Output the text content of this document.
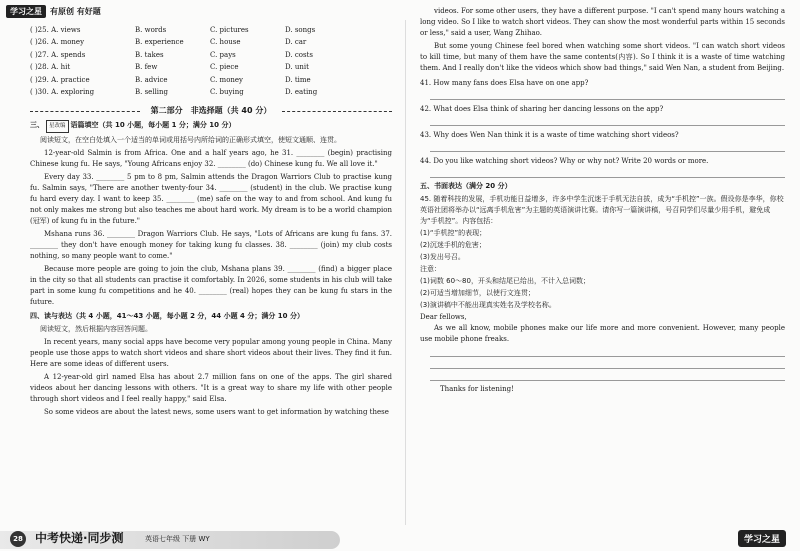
学习之星	有原创 有好题
( )25. A. views	B. words	C. pictures	D. songs
( )26. A. money	B. experience	C. house	D. car
( )27. A. spends	B. takes	C. pays	D. costs
( )28. A. hit	B. few	C. piece	D. unit
( )29. A. practice	B. advice	C. money	D. time
( )30. A. exploring	B. selling	C. buying	D. eating
第二部分　非选择题（共 40 分）
三、 星改编 语篇填空（共 10 小题，每小题 1 分；满分 10 分）
阅读短文，在空白处填入一个适当的单词或用括号内所给词的正确形式填空，使短文通顺、连贯。
12-year-old Salmin is from Africa. One and a half years ago, he 31. ________ (begin) practising Chinese kung fu. He says, "Young Africans enjoy 32. ________ (do) Chinese kung fu. We all love it."
Every day 33. ________ 5 pm to 8 pm, Salmin attends the Dragon Warriors Club to practise kung fu. Salmin says, "There are another twenty-four 34. ________ (student) in the club. We practise kung fu hard every day. I want to keep 35. ________ (me) safe on the way to and from school. And kung fu not only makes me strong but also teaches me about hard work. My dream is to be a world champion (冠军) of kung fu in the future."
Mshana runs 36. ________ Dragon Warriors Club. He says, "Lots of Africans are kung fu fans. 37. ________ they don't have enough money for taking kung fu classes. 38. ________ (join) my club costs nothing, so many people want to come."
Because more people are going to join the club, Mshana plans 39. ________ (find) a bigger place in the city so that all students can practise it comfortably. In 2026, some students in his club will take part in some kung fu competitions and he 40. ________ (real) hopes they can be kung fu stars in the future.
四、读与表达（共 4 小题，41～43 小题，每小题 2 分，44 小题 4 分；满分 10 分）
阅读短文，然后根据内容回答问题。
In recent years, many social apps have become very popular among young people in China. Many people use those apps to watch short videos and share short videos about their lives. They find it fun. Here are some ideas of different users.
A 12-year-old girl named Elsa has about 2.7 million fans on one of the apps. The girl shared videos about her dancing lessons with others. "It is a great way to share my life with other people through short videos and I feel really happy," said Elsa.
So some videos are about the latest news, some users want to get information by watching these
videos. For some other users, they have a different purpose. "I can't spend many hours watching a long video. So I like to watch short videos. They can show the most wonderful parts within 15 seconds or less," said a user, Wang Zhihao.
But some young Chinese feel bored when watching some short videos. "I can watch short videos to kill time, but many of them have the same contents(内容). So I think it is a waste of time watching them. And I really don't like the videos which show bad things," said Wen Nan, a student from Beijing.
41. How many fans does Elsa have on one app?
42. What does Elsa think of sharing her dancing lessons on the app?
43. Why does Wen Nan think it is a waste of time watching short videos?
44. Do you like watching short videos? Why or why not? Write 20 words or more.
五、书面表达（满分 20 分）
45. 随着科技的发展，手机功能日益增多，许多中学生沉迷于手机无法自拔，成为“手机控”一族。假设你是李华，你校英语社团将举办以“远离手机危害”为主题的英语演讲比赛。请你写一篇演讲稿，号召同学们尽量少用手机，避免成为“手机控”。内容包括：
(1)“手机控”的表现；
(2)沉迷手机的危害；
(3)发出号召。
注意：
(1)词数 60～80，开头和结尾已给出，不计入总词数；
(2)可适当增加细节，以使行文连贯；
(3)演讲稿中不能出现真实姓名及学校名称。
Dear fellows,
As we all know, mobile phones make our life more and more convenient. However, many people use mobile phone freaks.
Thanks for listening!
28 中考快递·同步测	英语七年级 下册 WY	学习之星
